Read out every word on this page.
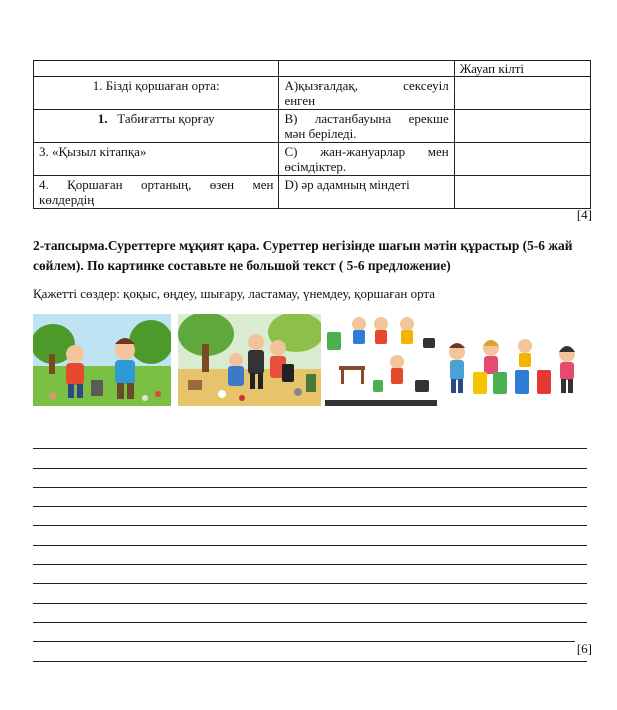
		Жауап кілті
1. Бізді қоршаған орта:	А)қызғалдақ, сексеуіл
енген	

1. Табиғатты қорғау	В) ластанбауына ерекше
мән беріледі.	

3. «Қызыл кітапқа»	С) жан-жануарлар мен
өсімдіктер.	

4. Қоршаған ортаның, өзен мен
көлдердің	D) әр адамның міндеті	
[4]
2-тапсырма.Суреттерге мұқият қара. Суреттер негізінде шағын мәтін құрастыр (5-6 жай сөйлем). По картинке составьте не большой текст ( 5-6 предложение)
Қажетті сөздер: қоқыс, өңдеу, шығару, ластамау, үнемдеу, қоршаған орта
[6]
